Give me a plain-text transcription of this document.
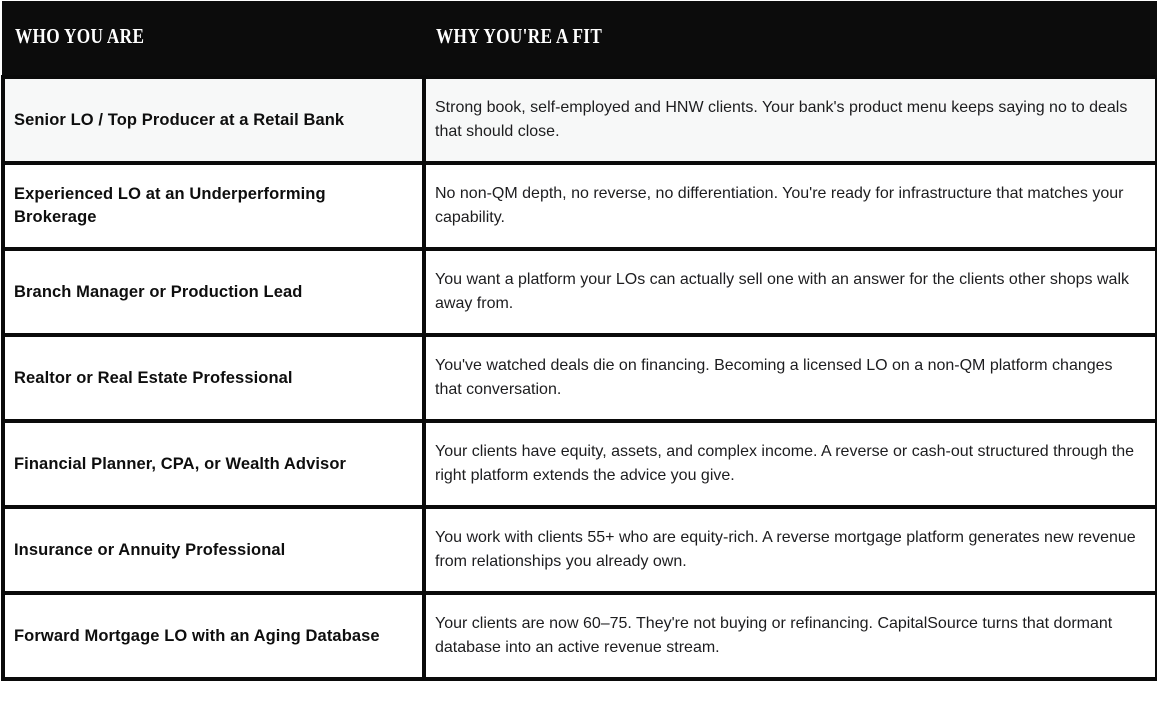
WHO YOU ARE	WHY YOU'RE A FIT
Senior LO / Top Producer at a Retail Bank	Strong book, self-employed and HNW clients. Your bank's product menu keeps saying no to deals that should close.
Experienced LO at an Underperforming Brokerage	No non-QM depth, no reverse, no differentiation. You're ready for infrastructure that matches your capability.
Branch Manager or Production Lead	You want a platform your LOs can actually sell one with an answer for the clients other shops walk away from.
Realtor or Real Estate Professional	You've watched deals die on financing. Becoming a licensed LO on a non-QM platform changes that conversation.
Financial Planner, CPA, or Wealth Advisor	Your clients have equity, assets, and complex income. A reverse or cash-out structured through the right platform extends the advice you give.
Insurance or Annuity Professional	You work with clients 55+ who are equity-rich. A reverse mortgage platform generates new revenue from relationships you already own.
Forward Mortgage LO with an Aging Database	Your clients are now 60–75. They're not buying or refinancing. CapitalSource turns that dormant database into an active revenue stream.
